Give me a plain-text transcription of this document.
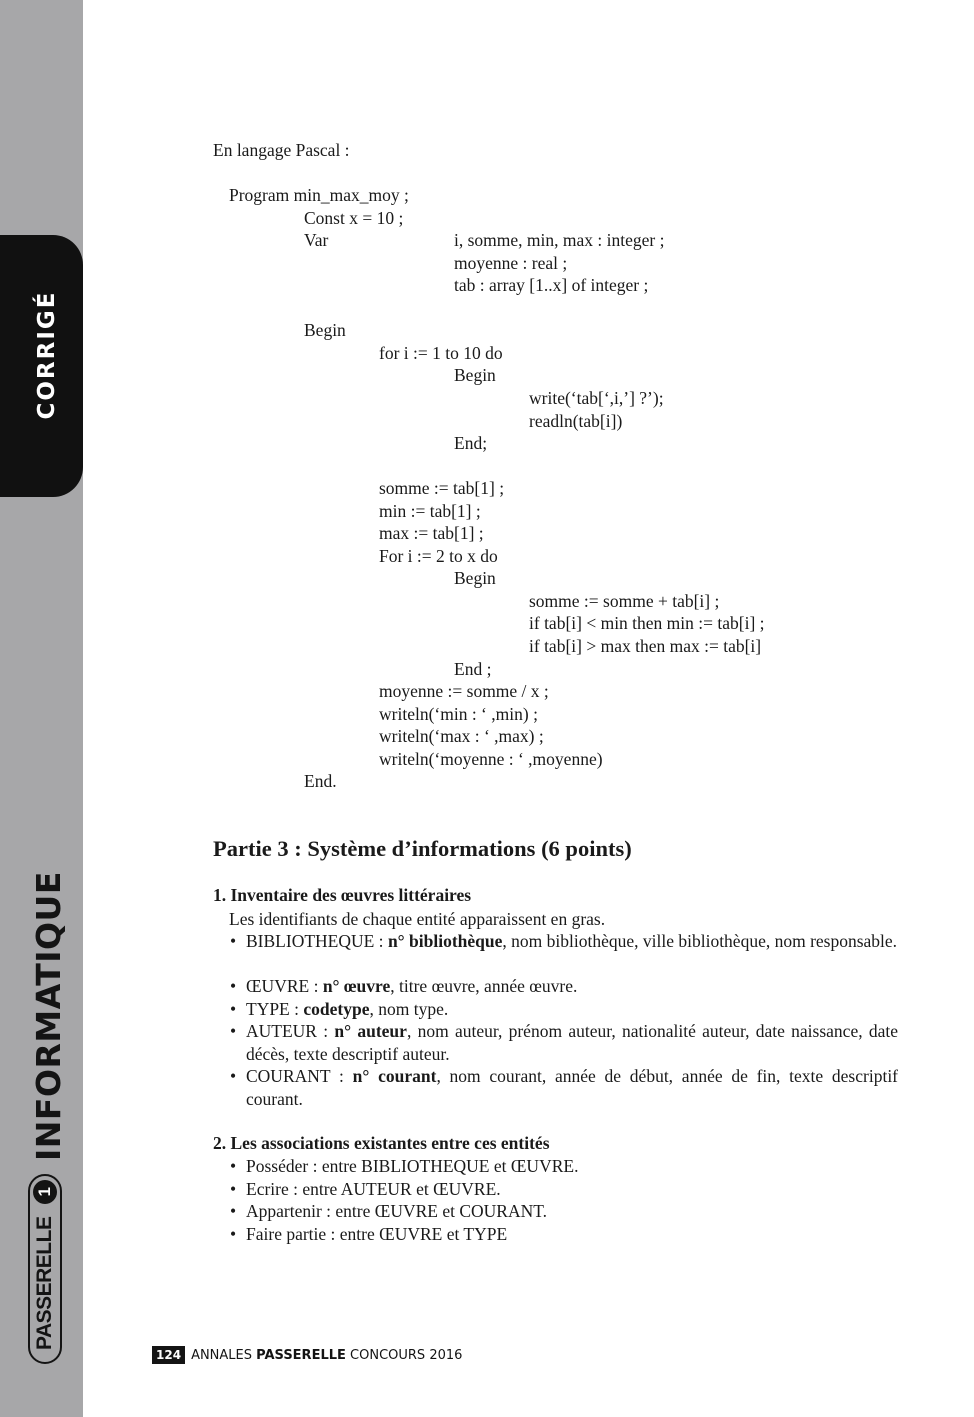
CORRIGÉ
INFORMATIQUE
PASSERELLE
1
En langage Pascal :
Program min_max_moy ;
Const x = 10 ;
Var	i, somme, min, max : integer ;
moyenne : real ;
tab : array [1..x] of integer ;
Begin
for i := 1 to 10 do
Begin
write(‘tab[‘,i,’] ?’);
readln(tab[i])
End;
somme := tab[1] ;
min := tab[1] ;
max := tab[1] ;
For i := 2 to x do
Begin
somme := somme + tab[i] ;
if tab[i] < min then min := tab[i] ;
if tab[i] > max then max := tab[i]
End ;
moyenne := somme / x ;
writeln(‘min : ‘ ,min) ;
writeln(‘max : ‘ ,max) ;
writeln(‘moyenne : ‘ ,moyenne)
End.
Partie 3 : Système d’informations (6 points)
1. Inventaire des œuvres littéraires
Les identifiants de chaque entité apparaissent en gras.
• BIBLIOTHEQUE : n° bibliothèque, nom bibliothèque, ville bibliothèque, nom responsable.
• ŒUVRE : n° œuvre, titre œuvre, année œuvre.
• TYPE : codetype, nom type.
• AUTEUR : n° auteur, nom auteur, prénom auteur, nationalité auteur, date naissance, date décès, texte descriptif auteur.
• COURANT : n° courant, nom courant, année de début, année de fin, texte descriptif courant.
2. Les associations existantes entre ces entités
• Posséder : entre BIBLIOTHEQUE et ŒUVRE.
• Ecrire : entre AUTEUR et ŒUVRE.
• Appartenir : entre ŒUVRE et COURANT.
• Faire partie : entre ŒUVRE et TYPE
124 ANNALES PASSERELLE CONCOURS 2016
